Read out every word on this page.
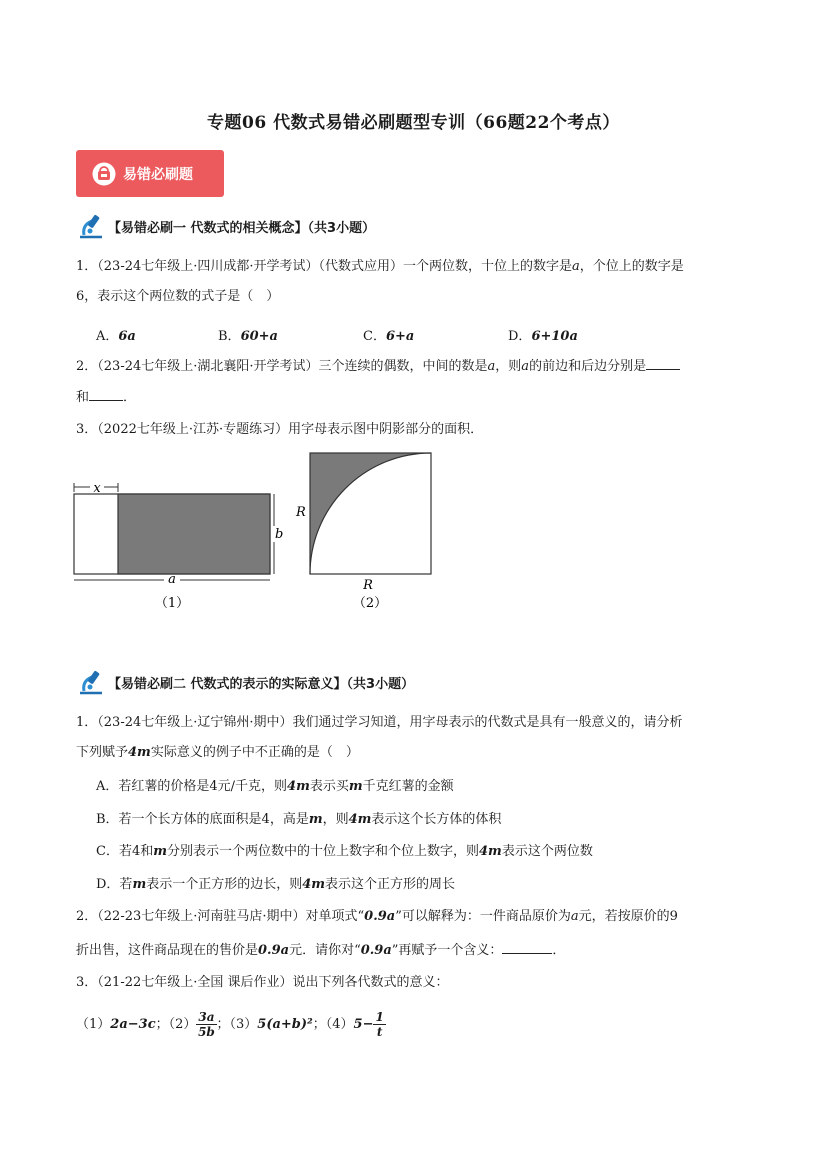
专题06 代数式易错必刷题型专训（66题22个考点）
易错必刷题
【易错必刷一 代数式的相关概念】（共3小题）
1．（23-24七年级上·四川成都·开学考试）（代数式应用）一个两位数，十位上的数字是a，个位上的数字是
6，表示这个两位数的式子是（　）
A．6a	B．60+a	C．6+a	D．6+10a
2．（23-24七年级上·湖北襄阳·开学考试）三个连续的偶数，中间的数是a，则a的前边和后边分别是
和	．
3．（2022七年级上·江苏·专题练习）用字母表示图中阴影部分的面积．
x
a
b
（1）
R
R
（2）
【易错必刷二 代数式的表示的实际意义】（共3小题）
1．（23-24七年级上·辽宁锦州·期中）我们通过学习知道，用字母表示的代数式是具有一般意义的，请分析
下列赋予4m实际意义的例子中不正确的是（　）
A．若红薯的价格是4元/千克，则4m表示买m千克红薯的金额
B．若一个长方体的底面积是4，高是m，则4m表示这个长方体的体积
C．若4和m分别表示一个两位数中的十位上数字和个位上数字，则4m表示这个两位数
D．若m表示一个正方形的边长，则4m表示这个正方形的周长
2．（22-23七年级上·河南驻马店·期中）对单项式“0.9a”可以解释为：一件商品原价为a元，若按原价的9
折出售，这件商品现在的售价是0.9a元．请你对“0.9a”再赋予一个含义：	．
3．（21-22七年级上·全国 课后作业）说出下列各代数式的意义：
（1）2a−3c；$(2) \frac{3a}{5b}$ ；（3）5(a+b)²；$(4)5- \frac{1}{t}$
